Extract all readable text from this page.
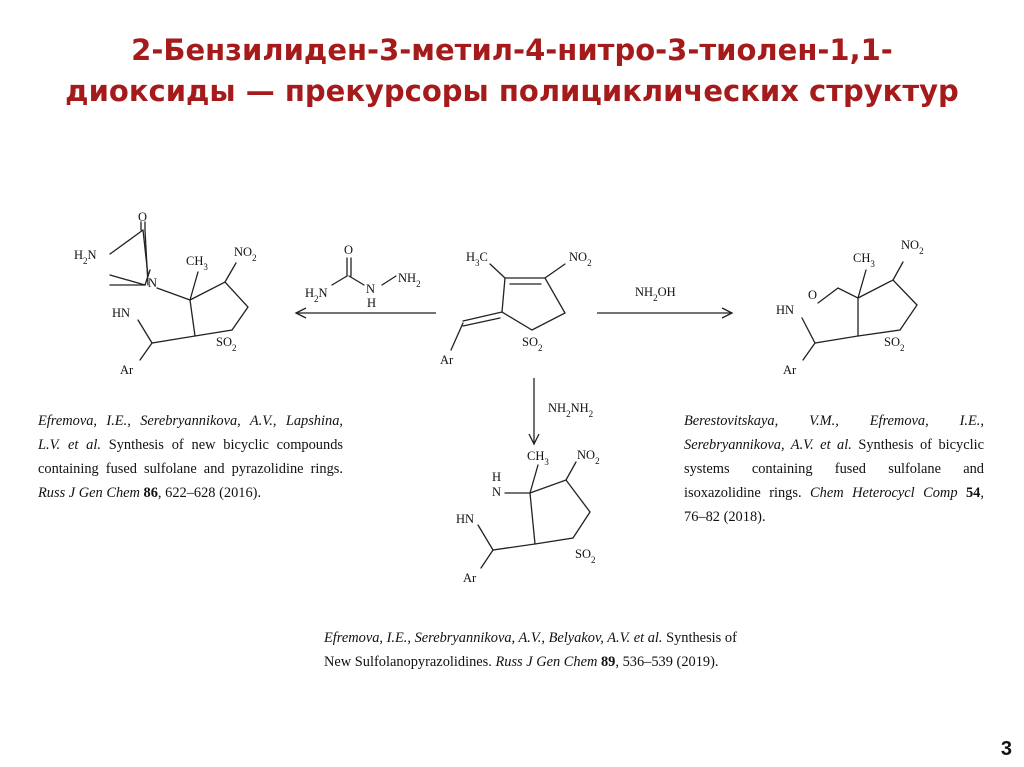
2-Бензилиден-3-метил-4-нитро-3-тиолен-1,1-
диоксиды — прекурсоры полициклических структур
$H_3C$	$NO_2$
$SO_2$
Ar
$H_2N$
O
N
H
$NH_2$
$NH_2OH$
$NH_2NH_2$
O
$H_2N$
N
HN
$CH_3$
$NO_2$
$SO_2$
Ar
O
HN
$CH_3$
$NO_2$
$SO_2$
Ar
H
N
HN
$CH_3$ $NO_2$
$SO_2$
Ar

Efremova, I.E., Serebryannikova, A.V., Lapshina, L.V. et al. Synthesis of new bicyclic compounds containing fused sulfolane and pyrazolidine rings. Russ J Gen Chem 86, 622–628 (2016).

Berestovitskaya, V.M., Efremova, I.E., Serebryannikova, A.V. et al. Synthesis of bicyclic systems containing fused sulfolane and isoxazolidine rings. Chem Heterocycl Comp 54, 76–82 (2018).

Efremova, I.E., Serebryannikova, A.V., Belyakov, A.V. et al. Synthesis of New Sulfolanopyrazolidines. Russ J Gen Chem 89, 536–539 (2019).

3
